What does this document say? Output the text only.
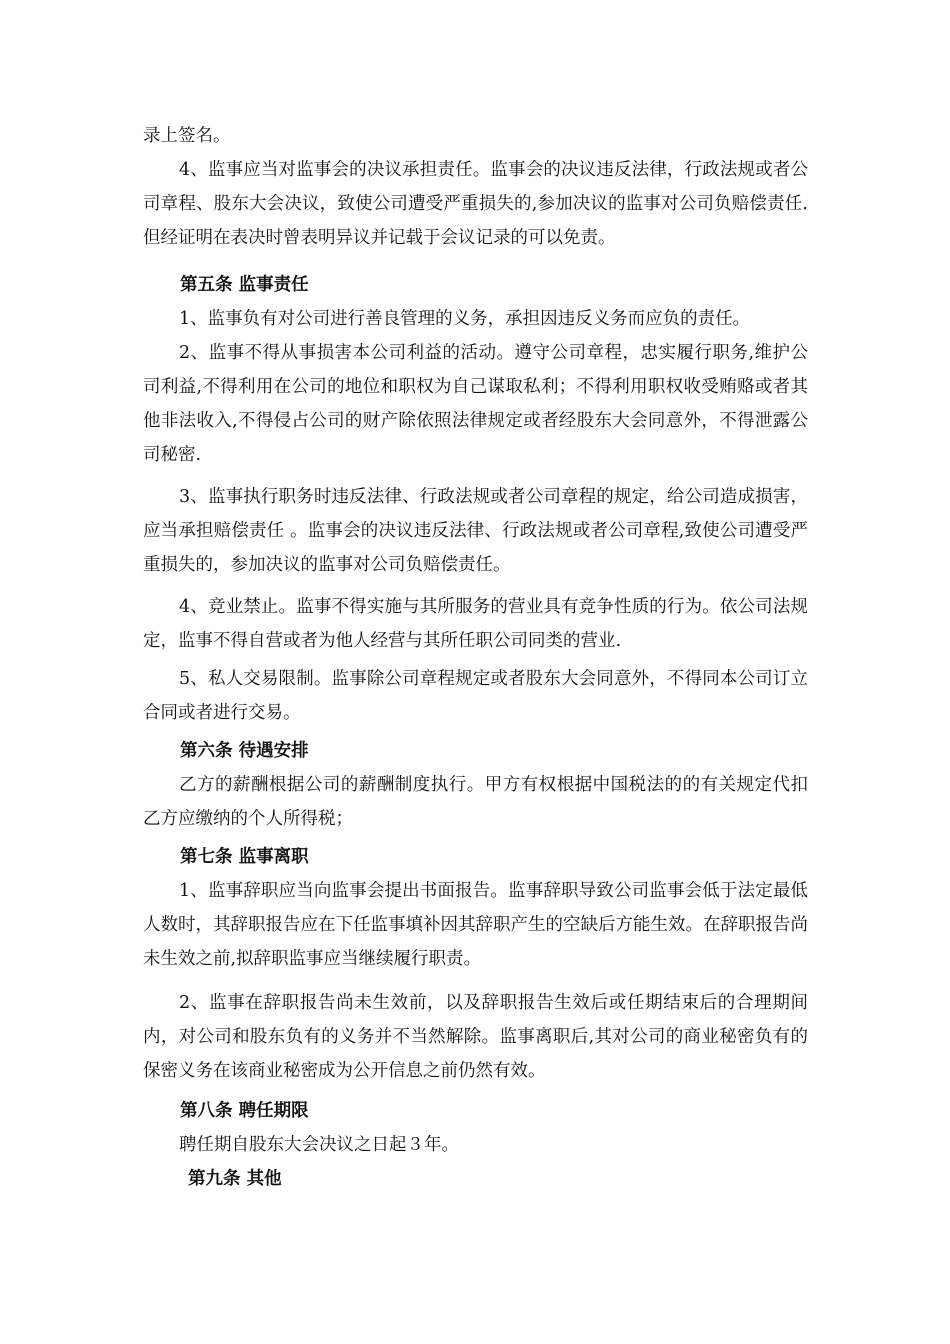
录上签名。
4、监事应当对监事会的决议承担责任。监事会的决议违反法律，行政法规或者公司章程、股东大会决议，致使公司遭受严重损失的,参加决议的监事对公司负赔偿责任.但经证明在表决时曾表明异议并记载于会议记录的可以免责。
第五条 监事责任
1、监事负有对公司进行善良管理的义务，承担因违反义务而应负的责任。
2、监事不得从事损害本公司利益的活动。遵守公司章程，忠实履行职务,维护公司利益,不得利用在公司的地位和职权为自己谋取私利；不得利用职权收受贿赂或者其他非法收入,不得侵占公司的财产除依照法律规定或者经股东大会同意外，不得泄露公司秘密.
3、监事执行职务时违反法律、行政法规或者公司章程的规定，给公司造成损害，应当承担赔偿责任 。监事会的决议违反法律、行政法规或者公司章程,致使公司遭受严重损失的，参加决议的监事对公司负赔偿责任。
4、竞业禁止。监事不得实施与其所服务的营业具有竞争性质的行为。依公司法规定，监事不得自营或者为他人经营与其所任职公司同类的营业.
5、私人交易限制。监事除公司章程规定或者股东大会同意外，不得同本公司订立合同或者进行交易。
第六条 待遇安排
乙方的薪酬根据公司的薪酬制度执行。甲方有权根据中国税法的的有关规定代扣乙方应缴纳的个人所得税；
第七条 监事离职
1、监事辞职应当向监事会提出书面报告。监事辞职导致公司监事会低于法定最低人数时，其辞职报告应在下任监事填补因其辞职产生的空缺后方能生效。在辞职报告尚未生效之前,拟辞职监事应当继续履行职责。
2、监事在辞职报告尚未生效前，以及辞职报告生效后或任期结束后的合理期间内，对公司和股东负有的义务并不当然解除。监事离职后,其对公司的商业秘密负有的保密义务在该商业秘密成为公开信息之前仍然有效。
第八条 聘任期限
聘任期自股东大会决议之日起３年。
第九条 其他
